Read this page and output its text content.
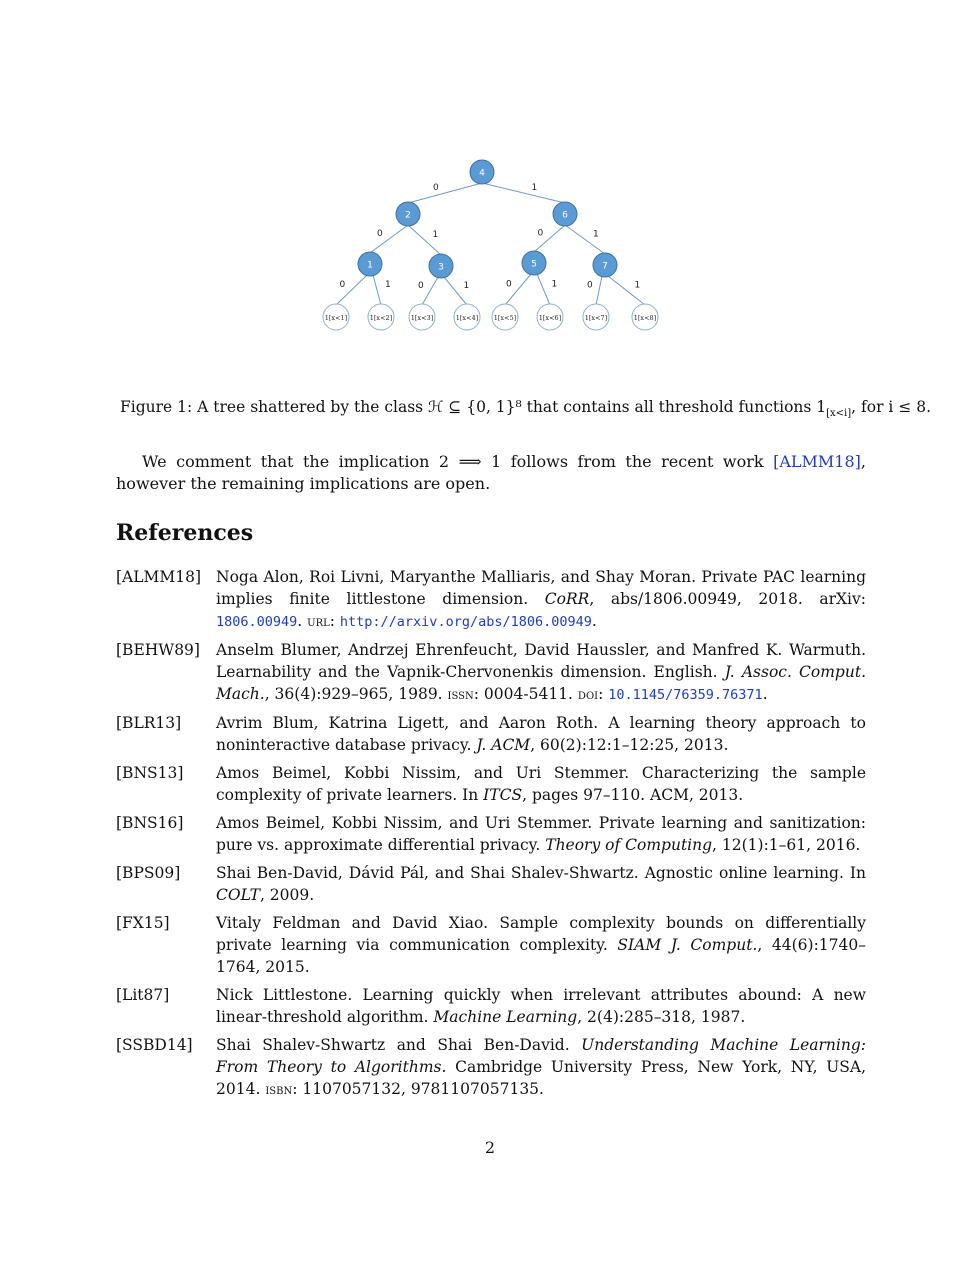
0	1
0	1	0	1
0	1	0	1	0	1	0	1
4
2	6
1	3	5	7
1[x<1]	1[x<2]	1[x<3]	1[x<4] 1[x<5]	1[x<6]	1[x<7]	1[x<8]
Figure 1: A tree shattered by the class ℋ ⊆ {0, 1}⁸ that contains all threshold functions $1_{[x<i]}$, for i ≤ 8.
We comment that the implication 2 ⟹ 1 follows from the recent work [ALMM18], however the remaining implications are open.
References
[ALMM18] Noga Alon, Roi Livni, Maryanthe Malliaris, and Shay Moran. Private PAC learning implies finite littlestone dimension. CoRR, abs/1806.00949, 2018. arXiv: 1806.00949. url: http://arxiv.org/abs/1806.00949.
[BEHW89]	Anselm Blumer, Andrzej Ehrenfeucht, David Haussler, and Manfred K. Warmuth. Learnability and the Vapnik-Chervonenkis dimension. English. J. Assoc. Comput. Mach., 36(4):929–965, 1989. issn: 0004-5411. doi: 10.1145/76359.76371.
[BLR13]	Avrim Blum, Katrina Ligett, and Aaron Roth. A learning theory approach to noninteractive database privacy. J. ACM, 60(2):12:1–12:25, 2013.
[BNS13]	Amos Beimel, Kobbi Nissim, and Uri Stemmer. Characterizing the sample complexity of private learners. In ITCS, pages 97–110. ACM, 2013.
[BNS16]	Amos Beimel, Kobbi Nissim, and Uri Stemmer. Private learning and sanitization: pure vs. approximate differential privacy. Theory of Computing, 12(1):1–61, 2016.
[BPS09]	Shai Ben-David, Dávid Pál, and Shai Shalev-Shwartz. Agnostic online learning. In COLT, 2009.
[FX15]	Vitaly Feldman and David Xiao. Sample complexity bounds on differentially private learning via communication complexity. SIAM J. Comput., 44(6):1740–1764, 2015.
[Lit87]	Nick Littlestone. Learning quickly when irrelevant attributes abound: A new linear-threshold algorithm. Machine Learning, 2(4):285–318, 1987.
[SSBD14]	Shai Shalev-Shwartz and Shai Ben-David. Understanding Machine Learning: From Theory to Algorithms. Cambridge University Press, New York, NY, USA, 2014. isbn: 1107057132, 9781107057135.
2
